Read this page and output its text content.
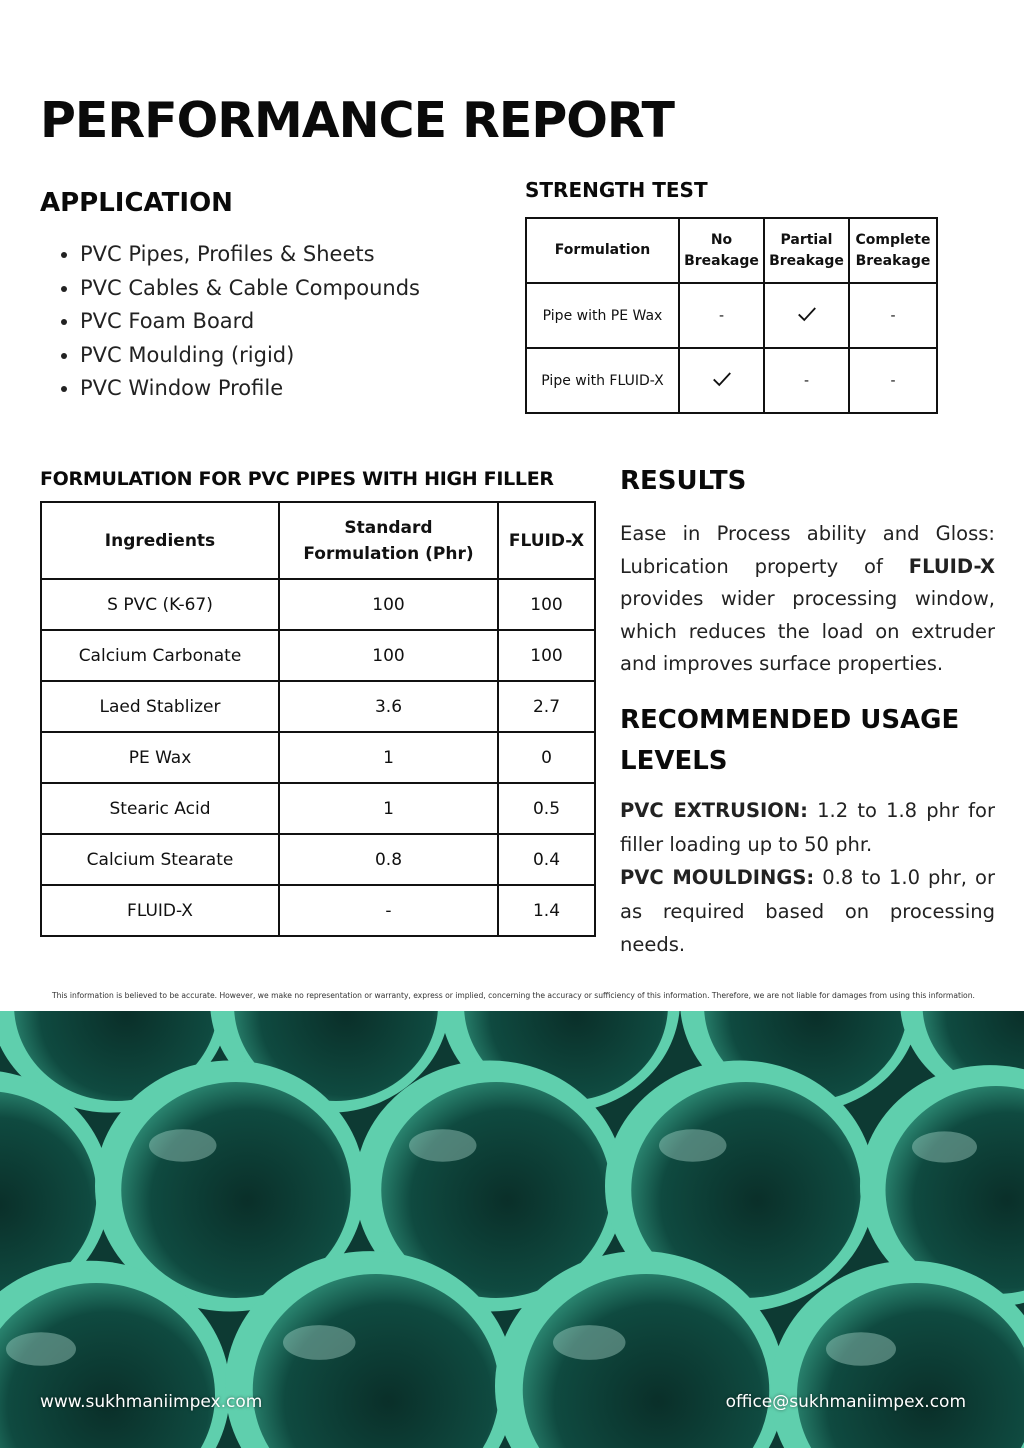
PERFORMANCE REPORT
APPLICATION
• PVC Pipes, Profiles & Sheets
• PVC Cables & Cable Compounds
• PVC Foam Board
• PVC Moulding (rigid)
• PVC Window Profile
STRENGTH TEST
Formulation	No Breakage	Partial Breakage	Complete Breakage
Pipe with PE Wax	-		-
Pipe with FLUID-X		-	-
FORMULATION FOR PVC PIPES WITH HIGH FILLER
Ingredients	Standard Formulation (Phr)	FLUID-X
S PVC (K-67)	100	100
Calcium Carbonate	100	100
Laed Stablizer	3.6	2.7
PE Wax	1	0
Stearic Acid	1	0.5
Calcium Stearate	0.8	0.4
FLUID-X	-	1.4
RESULTS

Ease in Process ability and Gloss: Lubrication property of FLUID-X provides wider processing window, which reduces the load on extruder and improves surface properties.

RECOMMENDED USAGE LEVELS

PVC EXTRUSION: 1.2 to 1.8 phr for filler loading up to 50 phr.

PVC MOULDINGS: 0.8 to 1.0 phr, or as required based on processing needs.

This information is believed to be accurate. However, we make no representation or warranty, express or implied, concerning the accuracy or sufficiency of this information. Therefore, we are not liable for damages from using this information.
www.sukhmaniimpex.com	office@sukhmaniimpex.com
